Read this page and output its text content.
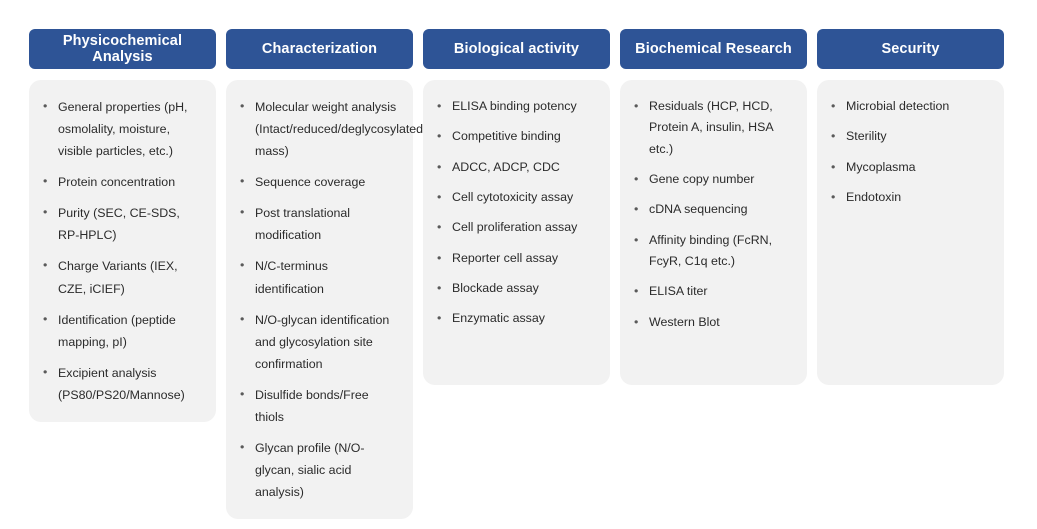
Physicochemical Analysis
• General properties (pH, osmolality, moisture, visible particles, etc.)
• Protein concentration
• Purity (SEC, CE-SDS, RP-HPLC)
• Charge Variants (IEX, CZE, iCIEF)
• Identification (peptide mapping, pI)
• Excipient analysis (PS80/PS20/Mannose)
Characterization
• Molecular weight analysis (Intact/reduced/deglycosylated mass)
• Sequence coverage
• Post translational modification
• N/C-terminus identification
• N/O-glycan identification and glycosylation site confirmation
• Disulfide bonds/Free thiols
• Glycan profile (N/O-glycan, sialic acid analysis)
Biological activity
• ELISA binding potency
• Competitive binding
• ADCC, ADCP, CDC
• Cell cytotoxicity assay
• Cell proliferation assay
• Reporter cell assay
• Blockade assay
• Enzymatic assay
Biochemical Research
• Residuals (HCP, HCD, Protein A, insulin, HSA etc.)
• Gene copy number
• cDNA sequencing
• Affinity binding (FcRN, FcyR, C1q etc.)
• ELISA titer
• Western Blot
Security
• Microbial detection
• Sterility
• Mycoplasma
• Endotoxin
